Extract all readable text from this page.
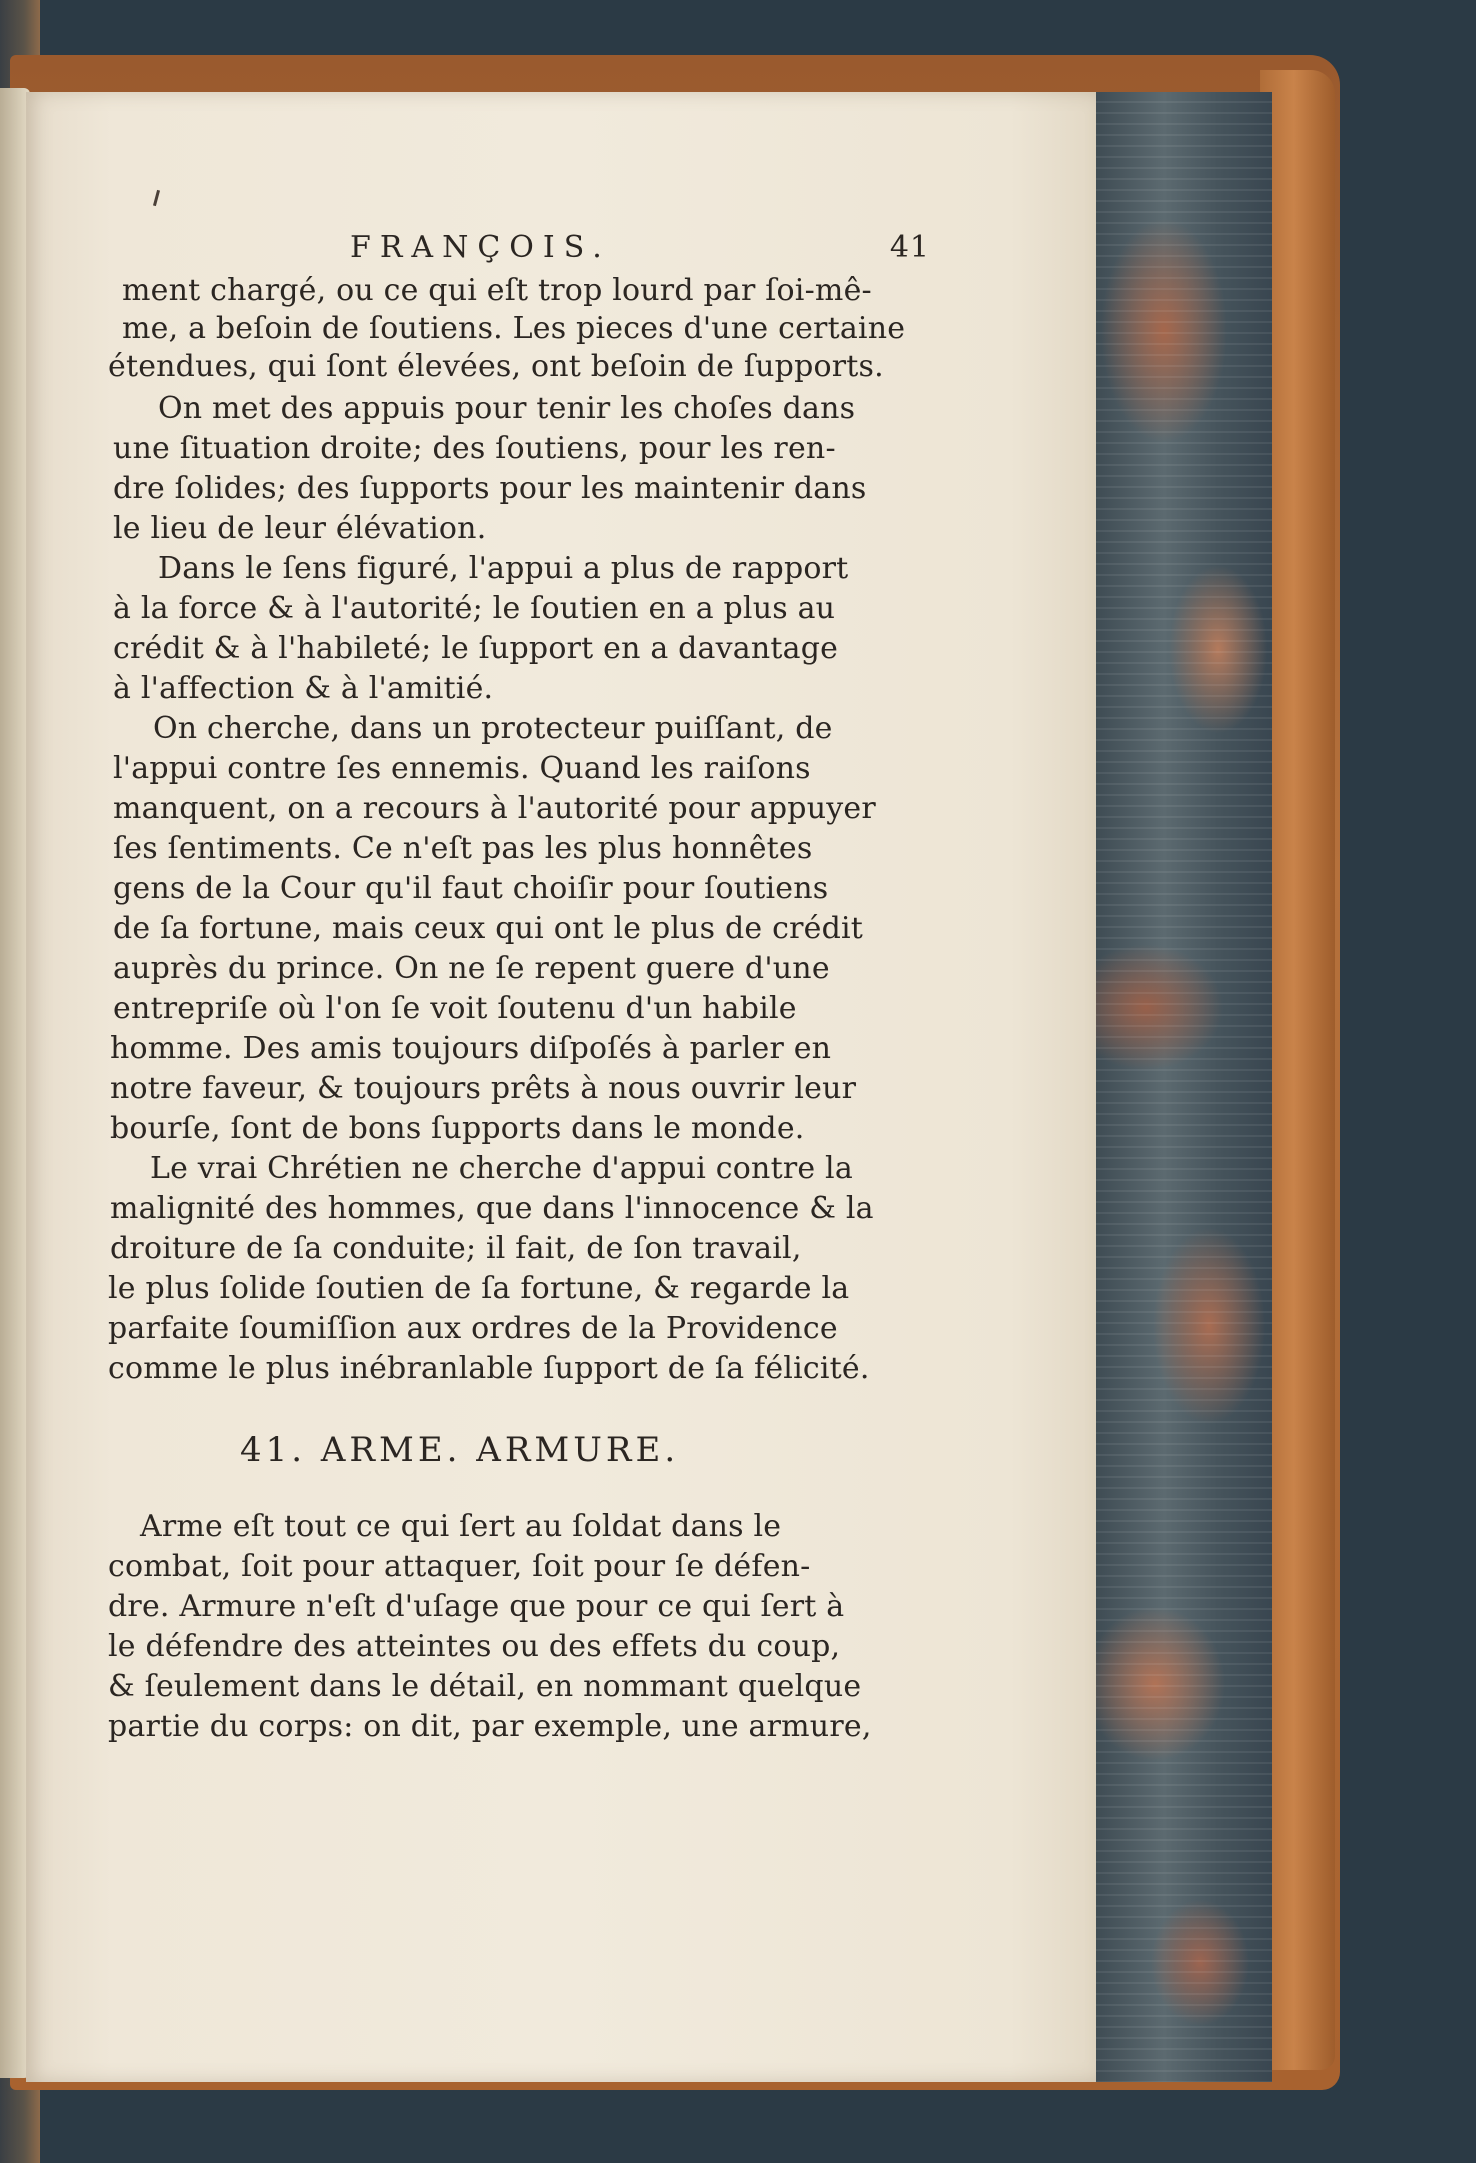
FRANÇOIS.	41
ment chargé, ou ce qui eſt trop lourd par ſoi-mê-
me, a beſoin de ſoutiens. Les pieces d'une certaine
étendues, qui ſont élevées, ont beſoin de ſupports.
On met des appuis pour tenir les choſes dans
une ſituation droite; des ſoutiens, pour les ren-
dre ſolides; des ſupports pour les maintenir dans
le lieu de leur élévation.
Dans le ſens figuré, l'appui a plus de rapport
à la force & à l'autorité; le ſoutien en a plus au
crédit & à l'habileté; le ſupport en a davantage
à l'affection & à l'amitié.
On cherche, dans un protecteur puiſſant, de
l'appui contre ſes ennemis. Quand les raiſons
manquent, on a recours à l'autorité pour appuyer
ſes ſentiments. Ce n'eſt pas les plus honnêtes
gens de la Cour qu'il faut choiſir pour ſoutiens
de ſa fortune, mais ceux qui ont le plus de crédit
auprès du prince. On ne ſe repent guere d'une
entrepriſe où l'on ſe voit ſoutenu d'un habile
homme. Des amis toujours diſpoſés à parler en
notre faveur, & toujours prêts à nous ouvrir leur
bourſe, ſont de bons ſupports dans le monde.
Le vrai Chrétien ne cherche d'appui contre la
malignité des hommes, que dans l'innocence & la
droiture de ſa conduite; il fait, de ſon travail,
le plus ſolide ſoutien de ſa fortune, & regarde la
parfaite ſoumiſſion aux ordres de la Providence
comme le plus inébranlable ſupport de ſa félicité.
41. ARME. ARMURE.
Arme eſt tout ce qui ſert au ſoldat dans le
combat, ſoit pour attaquer, ſoit pour ſe défen-
dre. Armure n'eſt d'uſage que pour ce qui ſert à
le défendre des atteintes ou des effets du coup,
& ſeulement dans le détail, en nommant quelque
partie du corps: on dit, par exemple, une armure,
